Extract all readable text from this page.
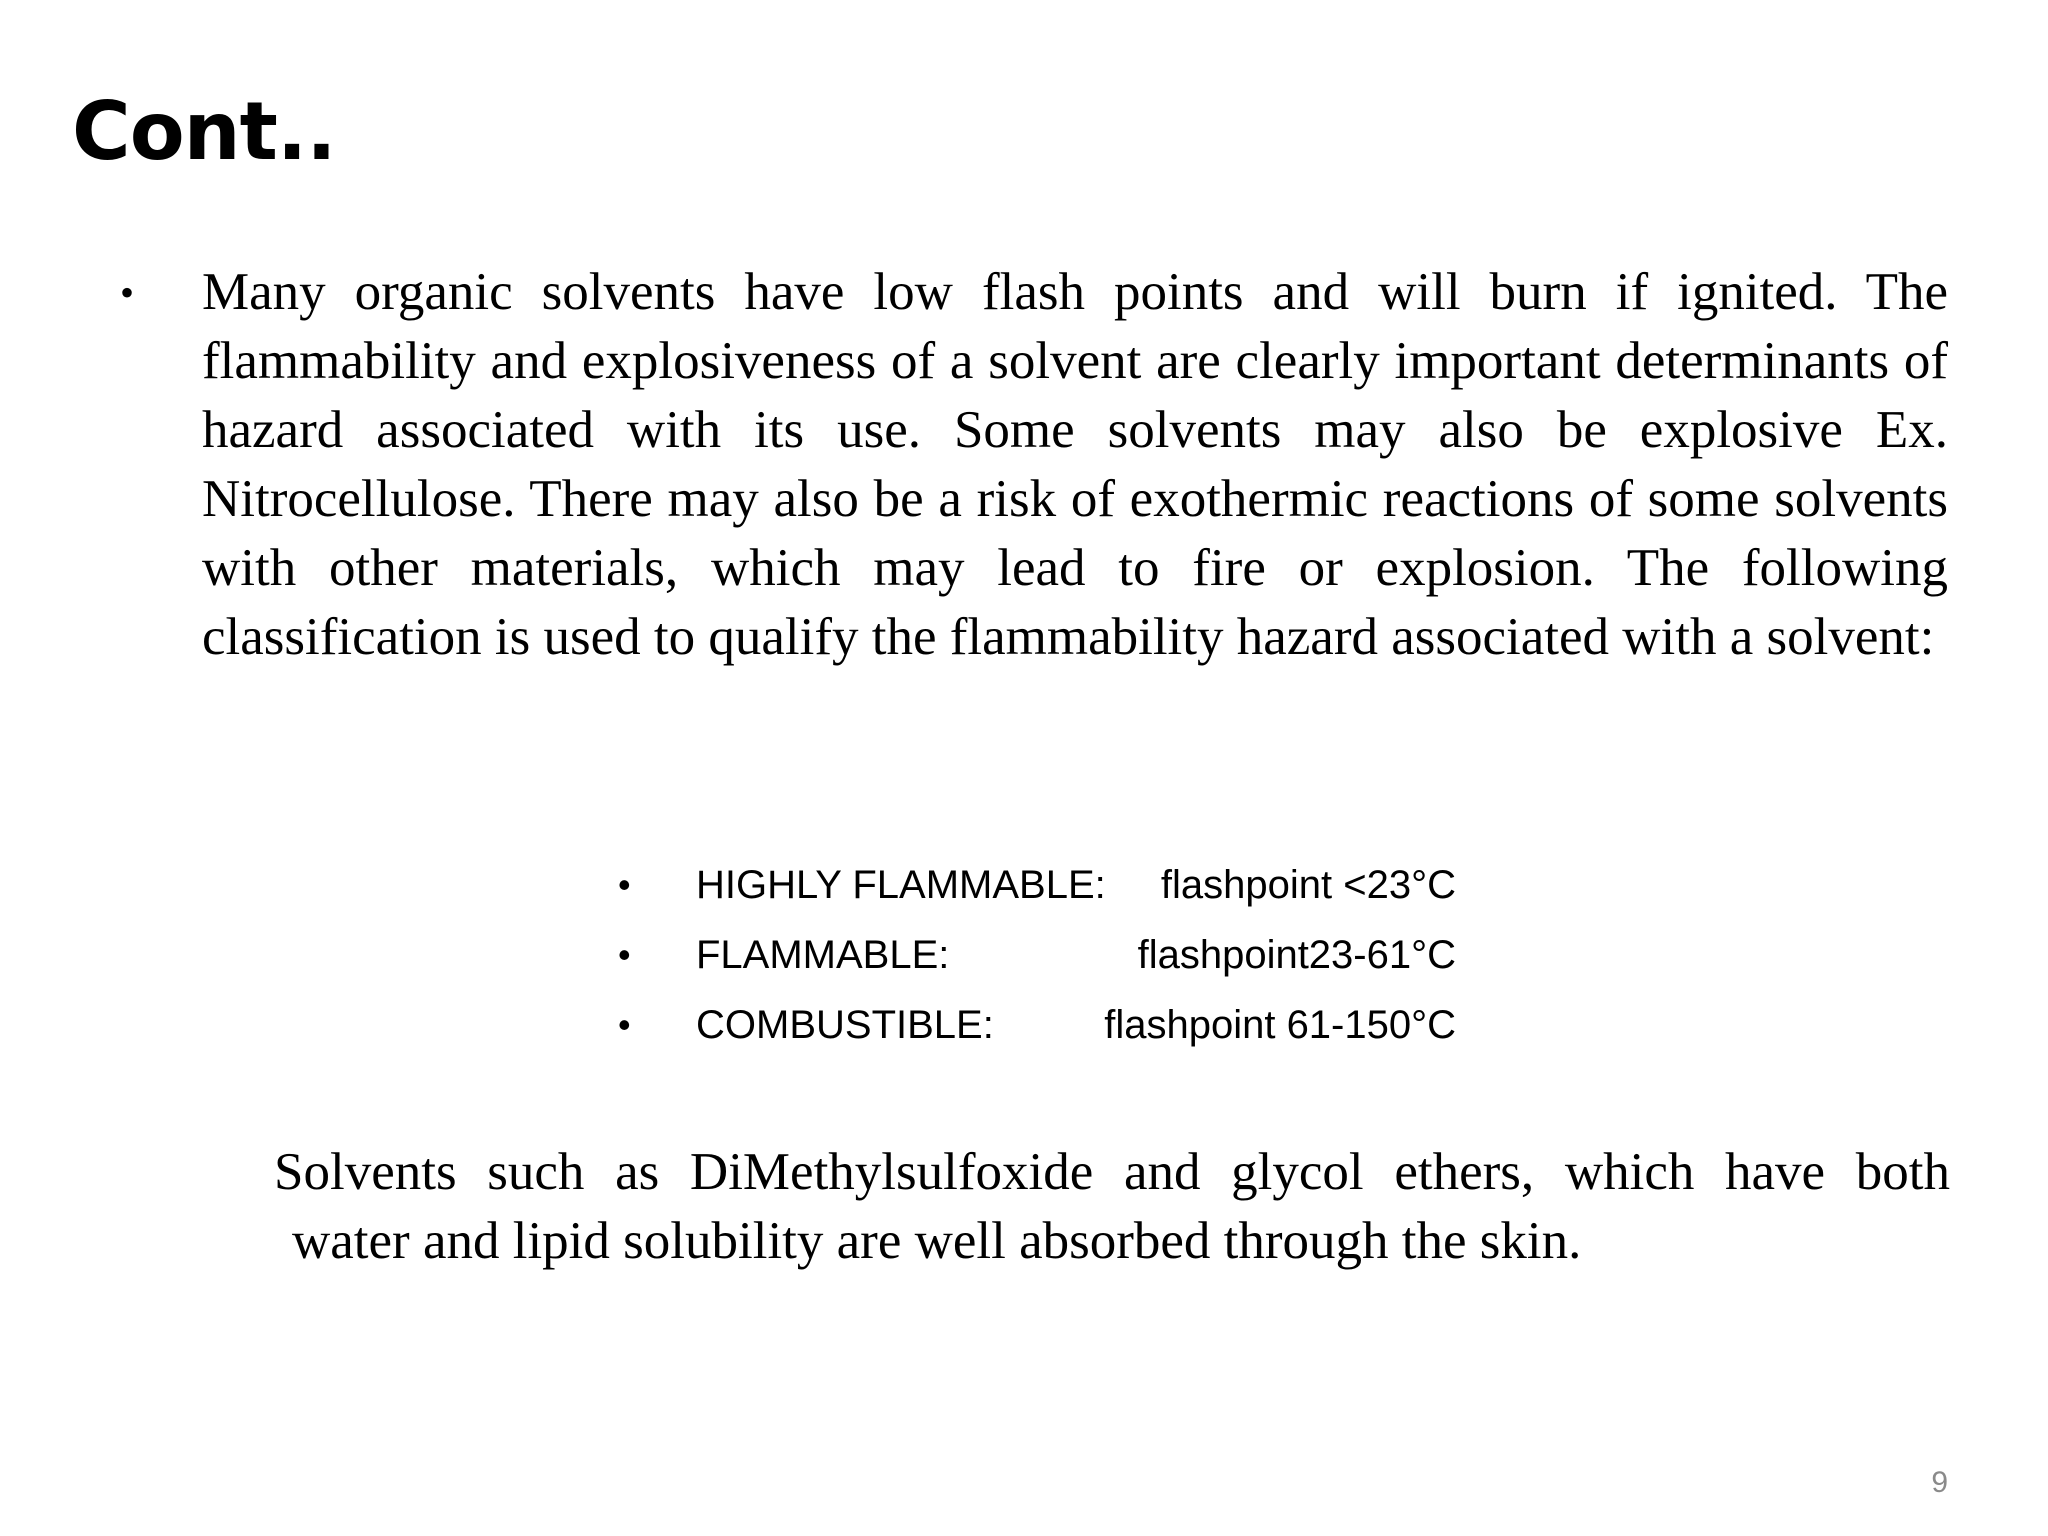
Cont..
• Many organic solvents have low flash points and will burn if ignited. The flammability and explosiveness of a solvent are clearly important determinants of hazard associated with its use. Some solvents may also be explosive Ex. Nitrocellulose. There may also be a risk of exothermic reactions of some solvents with other materials, which may lead to fire or explosion. The following classification is used to qualify the flammability hazard associated with a solvent:
•	HIGHLY FLAMMABLE:	flashpoint <23°C
•	FLAMMABLE:	flashpoint23-61°C
•	COMBUSTIBLE:	flashpoint 61-150°C

Solvents such as DiMethylsulfoxide and glycol ethers, which have both
water and lipid solubility are well absorbed through the skin.

9
